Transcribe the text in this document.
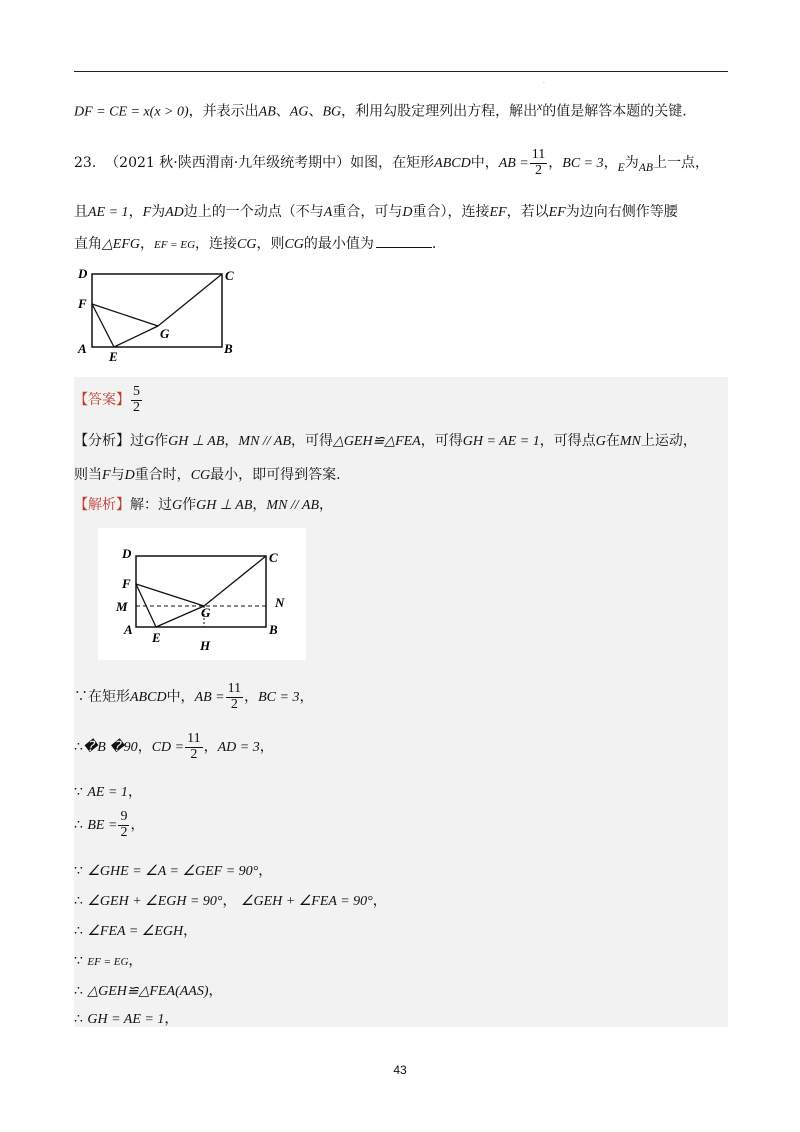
·
DF = CE = x(x > 0)，并表示出AB、AG、BG，利用勾股定理列出方程，解出$^x$的值是解答本题的关键.
23. （2021 秋·陕西渭南·九年级统考期中）如图，在矩形ABCD中，AB = $\frac{11}{2}$ ，BC = 3，$_E$为$_{AB}$上一点，
且AE = 1，F为AD边上的一个动点（不与A重合，可与D重合），连接EF，若以EF为边向右侧作等腰
直角△EFG，EF = EG，连接CG，则CG的最小值为	.
D	C
F
G
A
E
B
【答案】 $\frac{5}{2}$
【分析】过G作GH ⊥ AB，MN // AB，可得△GEH≌△FEA，可得GH = AE = 1，可得点G在MN上运动，
则当F与D重合时，CG最小，即可得到答案.
【解析】解：过G作GH ⊥ AB，MN // AB，
D	C
F
M	G
N
A
E
H
B
∵在矩形ABCD中，AB = $\frac{11}{2}$ ，BC = 3，
∴�B �90，CD = $\frac{11}{2}$ ，AD = 3，
∵ AE = 1，
∴ BE = $\frac{9}{2}$ ，
∵ ∠GHE = ∠A = ∠GEF = 90°，
∴ ∠GEH + ∠EGH = 90°， ∠GEH + ∠FEA = 90°，
∴ ∠FEA = ∠EGH，
∵ EF = EG，
∴ △GEH≌△FEA(AAS)，
∴ GH = AE = 1，
43
